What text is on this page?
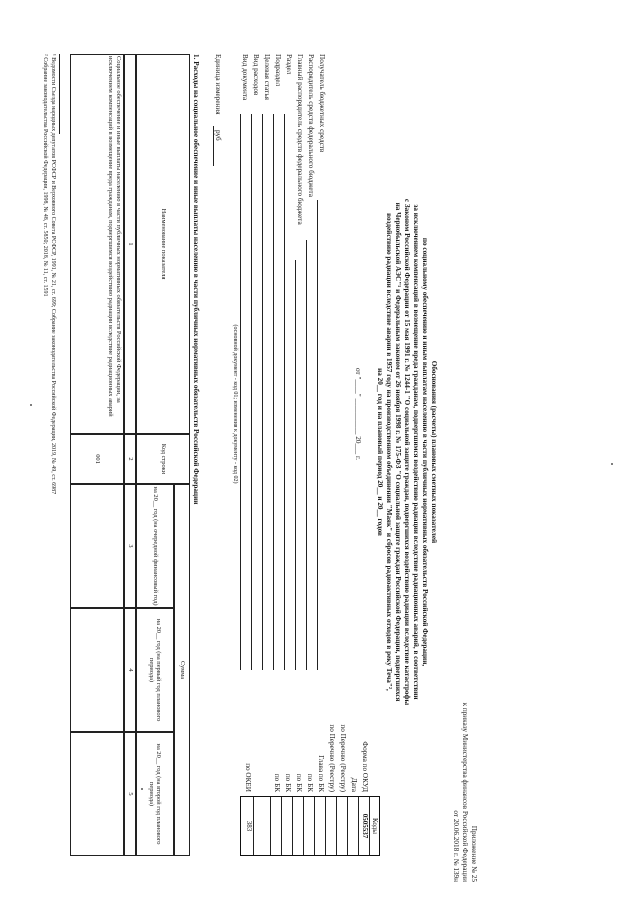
Приложение № 25
к приказу Министерства финансов Российской Федерации
от 20.06.2018 г. № 139н
Обоснования (расчеты) плановых сметных показателей
по социальному обеспечению и иным выплатам населению в части публичных нормативных обязательств Российской Федерации,
за исключением компенсаций в возмещение вреда гражданам, подвергшимся воздействию радиации вследствие радиационных аварий, в соответствии
с Законом Российской Федерации от 15 мая 1991 г. № 1244-1 "О социальной защите граждан, подвергшихся воздействию радиации вследствие катастрофы
на Чернобыльской АЭС"¹ и Федеральным законом от 26 ноября 1998 г. № 175-ФЗ "О социальной защите граждан Российской Федерации, подвергшихся
воздействию радиации вследствие аварии в 1957 году на производственном объединении "Маяк" и сбросов радиоактивных отходов в реку Теча"²,
на 20__ год и на плановый период 20__ и 20__ годов
от "____" __________ 20___ г.
Коды
0505537
383
Форма по ОКУД
Дата
по Перечню (Реестру)
по Перечню (Реестру)
Глава по БК
по БК
по БК
по БК
по БК
по ОКЕИ
Получатель бюджетных средств
Распорядитель средств федерального бюджета
Главный распорядитель средств федерального бюджета
Раздел
Подраздел
Целевая статья
Вид расходов
Вид документа
(основной документ - код 01; изменения к документу - код 02)
Единица измерения
руб
1. Расходы на социальное обеспечение и иные выплаты населению в части публичных нормативных обязательств Российской Федерации
Наименование показателя
Код строки
Сумма
на 20__ год (на очередной финансовый год)
на 20__ год (на первый год планового периода)
на 20__ год (на второй год планового периода)
1
2
3
4
5
Социальное обеспечение и иные выплаты населению в части публичных нормативных обязательств Российской Федерации, за исключением компенсаций в возмещение вреда гражданам, подвергшимся воздействию радиации вследствие радиационных аварий
001
¹ Ведомости Съезда народных депутатов РСФСР и Верховного Совета РСФСР, 1991, № 21, ст. 699; Собрание законодательства Российской Федерации, 2019, № 49, ст. 6987
² Собрание законодательства Российской Федерации, 1998, № 48, ст. 5850; 2018, № 11, ст. 1591
